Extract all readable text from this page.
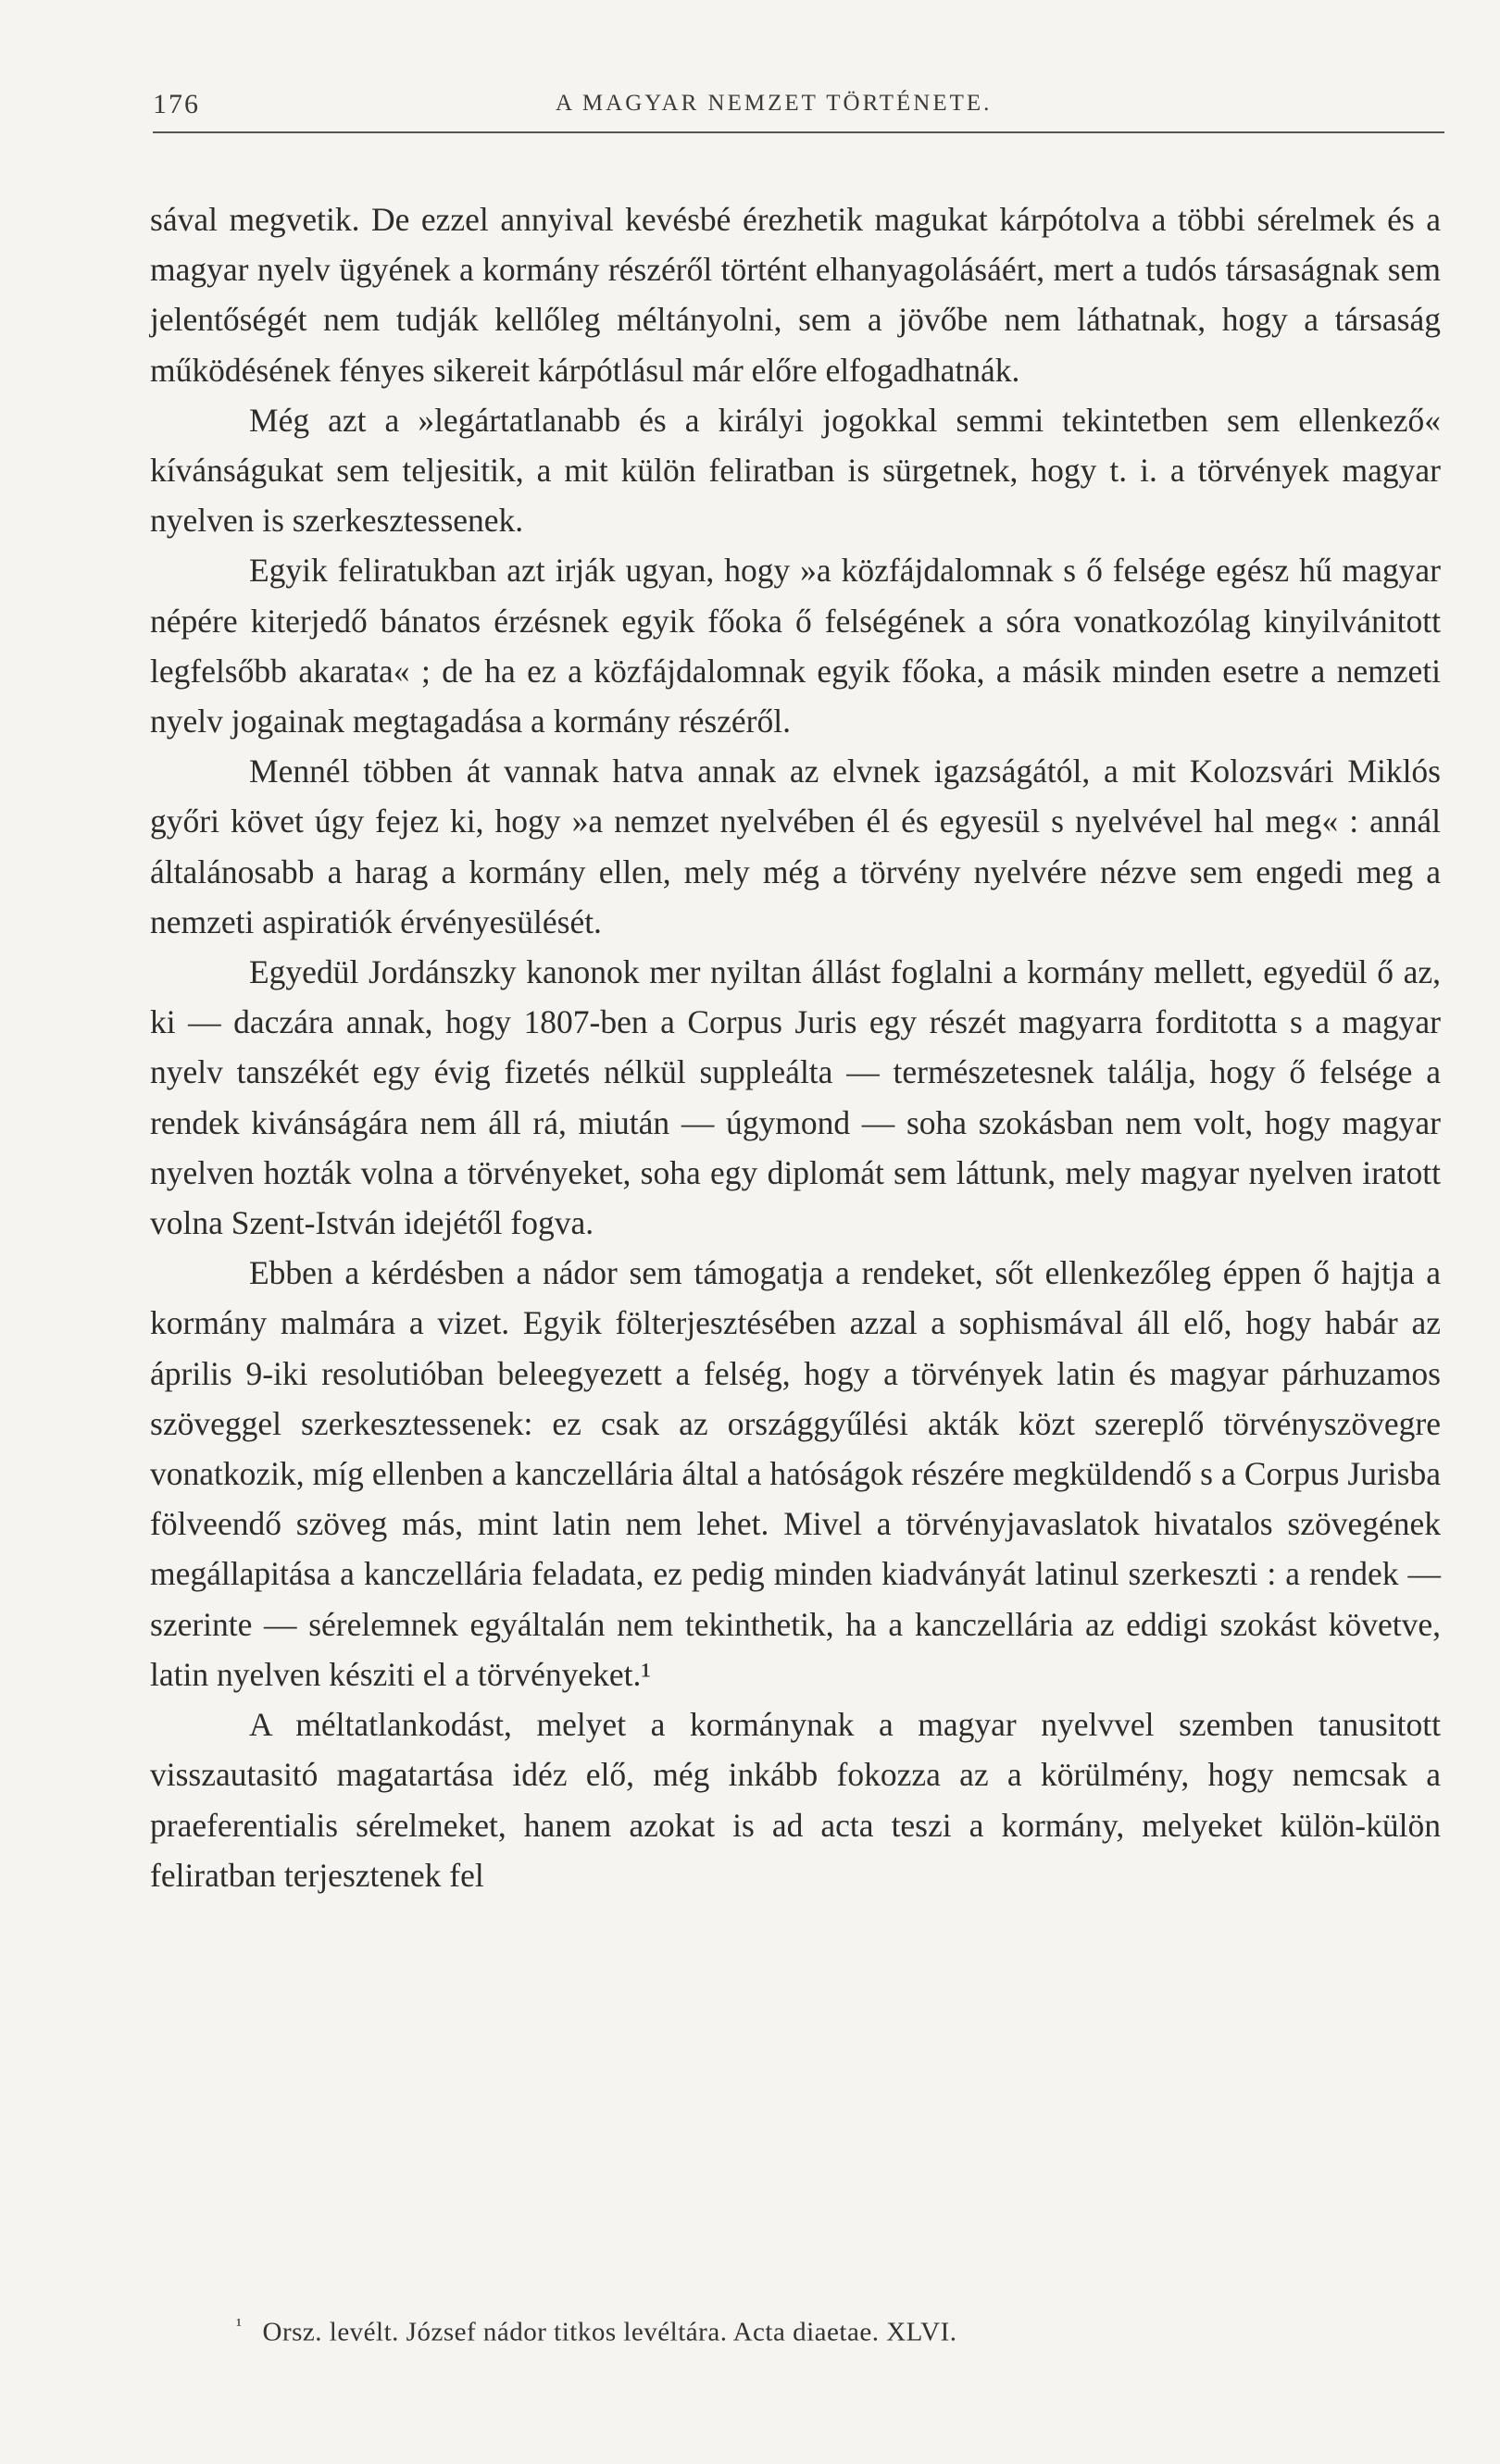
176	A MAGYAR NEMZET TÖRTÉNETE.

sával megvetik. De ezzel annyival kevésbé érezhetik magukat kárpótolva a többi sérelmek és a magyar nyelv ügyének a kormány részéről történt elhanyagolásáért, mert a tudós társaságnak sem jelentőségét nem tudják kellőleg méltányolni, sem a jövőbe nem láthatnak, hogy a társaság működésének fényes sikereit kárpótlásul már előre elfogadhatnák.

Még azt a »legártatlanabb és a királyi jogokkal semmi tekintetben sem ellenkező« kívánságukat sem teljesitik, a mit külön feliratban is sürgetnek, hogy t. i. a törvények magyar nyelven is szerkesztessenek.

Egyik feliratukban azt irják ugyan, hogy »a közfájdalomnak s ő felsége egész hű magyar népére kiterjedő bánatos érzésnek egyik főoka ő felségének a sóra vonatkozólag kinyilvánitott legfelsőbb akarata« ; de ha ez a közfájdalomnak egyik főoka, a másik minden esetre a nemzeti nyelv jogainak megtagadása a kormány részéről.

Mennél többen át vannak hatva annak az elvnek igazságától, a mit Kolozsvári Miklós győri követ úgy fejez ki, hogy »a nemzet nyelvében él és egyesül s nyelvével hal meg« : annál általánosabb a harag a kormány ellen, mely még a törvény nyelvére nézve sem engedi meg a nemzeti aspiratiók érvényesülését.

Egyedül Jordánszky kanonok mer nyiltan állást foglalni a kormány mellett, egyedül ő az, ki — daczára annak, hogy 1807-ben a Corpus Juris egy részét magyarra forditotta s a magyar nyelv tanszékét egy évig fizetés nélkül suppleálta — természetesnek találja, hogy ő felsége a rendek kivánságára nem áll rá, miután — úgymond — soha szokásban nem volt, hogy magyar nyelven hozták volna a törvényeket, soha egy diplomát sem láttunk, mely magyar nyelven iratott volna Szent-István idejétől fogva.

Ebben a kérdésben a nádor sem támogatja a rendeket, sőt ellenkezőleg éppen ő hajtja a kormány malmára a vizet. Egyik fölterjesztésében azzal a sophismával áll elő, hogy habár az április 9-iki resolutióban beleegyezett a felség, hogy a törvények latin és magyar párhuzamos szöveggel szerkesztessenek: ez csak az országgyűlési akták közt szereplő törvényszövegre vonatkozik, míg ellenben a kanczellária által a hatóságok részére megküldendő s a Corpus Jurisba fölveendő szöveg más, mint latin nem lehet. Mivel a törvényjavaslatok hivatalos szövegének megállapitása a kanczellária feladata, ez pedig minden kiadványát latinul szerkeszti : a rendek — szerinte — sérelemnek egyáltalán nem tekinthetik, ha a kanczellária az eddigi szokást követve, latin nyelven késziti el a törvényeket.¹

A méltatlankodást, melyet a kormánynak a magyar nyelvvel szemben tanusitott visszautasitó magatartása idéz elő, még inkább fokozza az a körülmény, hogy nemcsak a praeferentialis sérelmeket, hanem azokat is ad acta teszi a kormány, melyeket külön-külön feliratban terjesztenek fel

$^{^1}$ Orsz. levélt. József nádor titkos levéltára. Acta diaetae. XLVI.
